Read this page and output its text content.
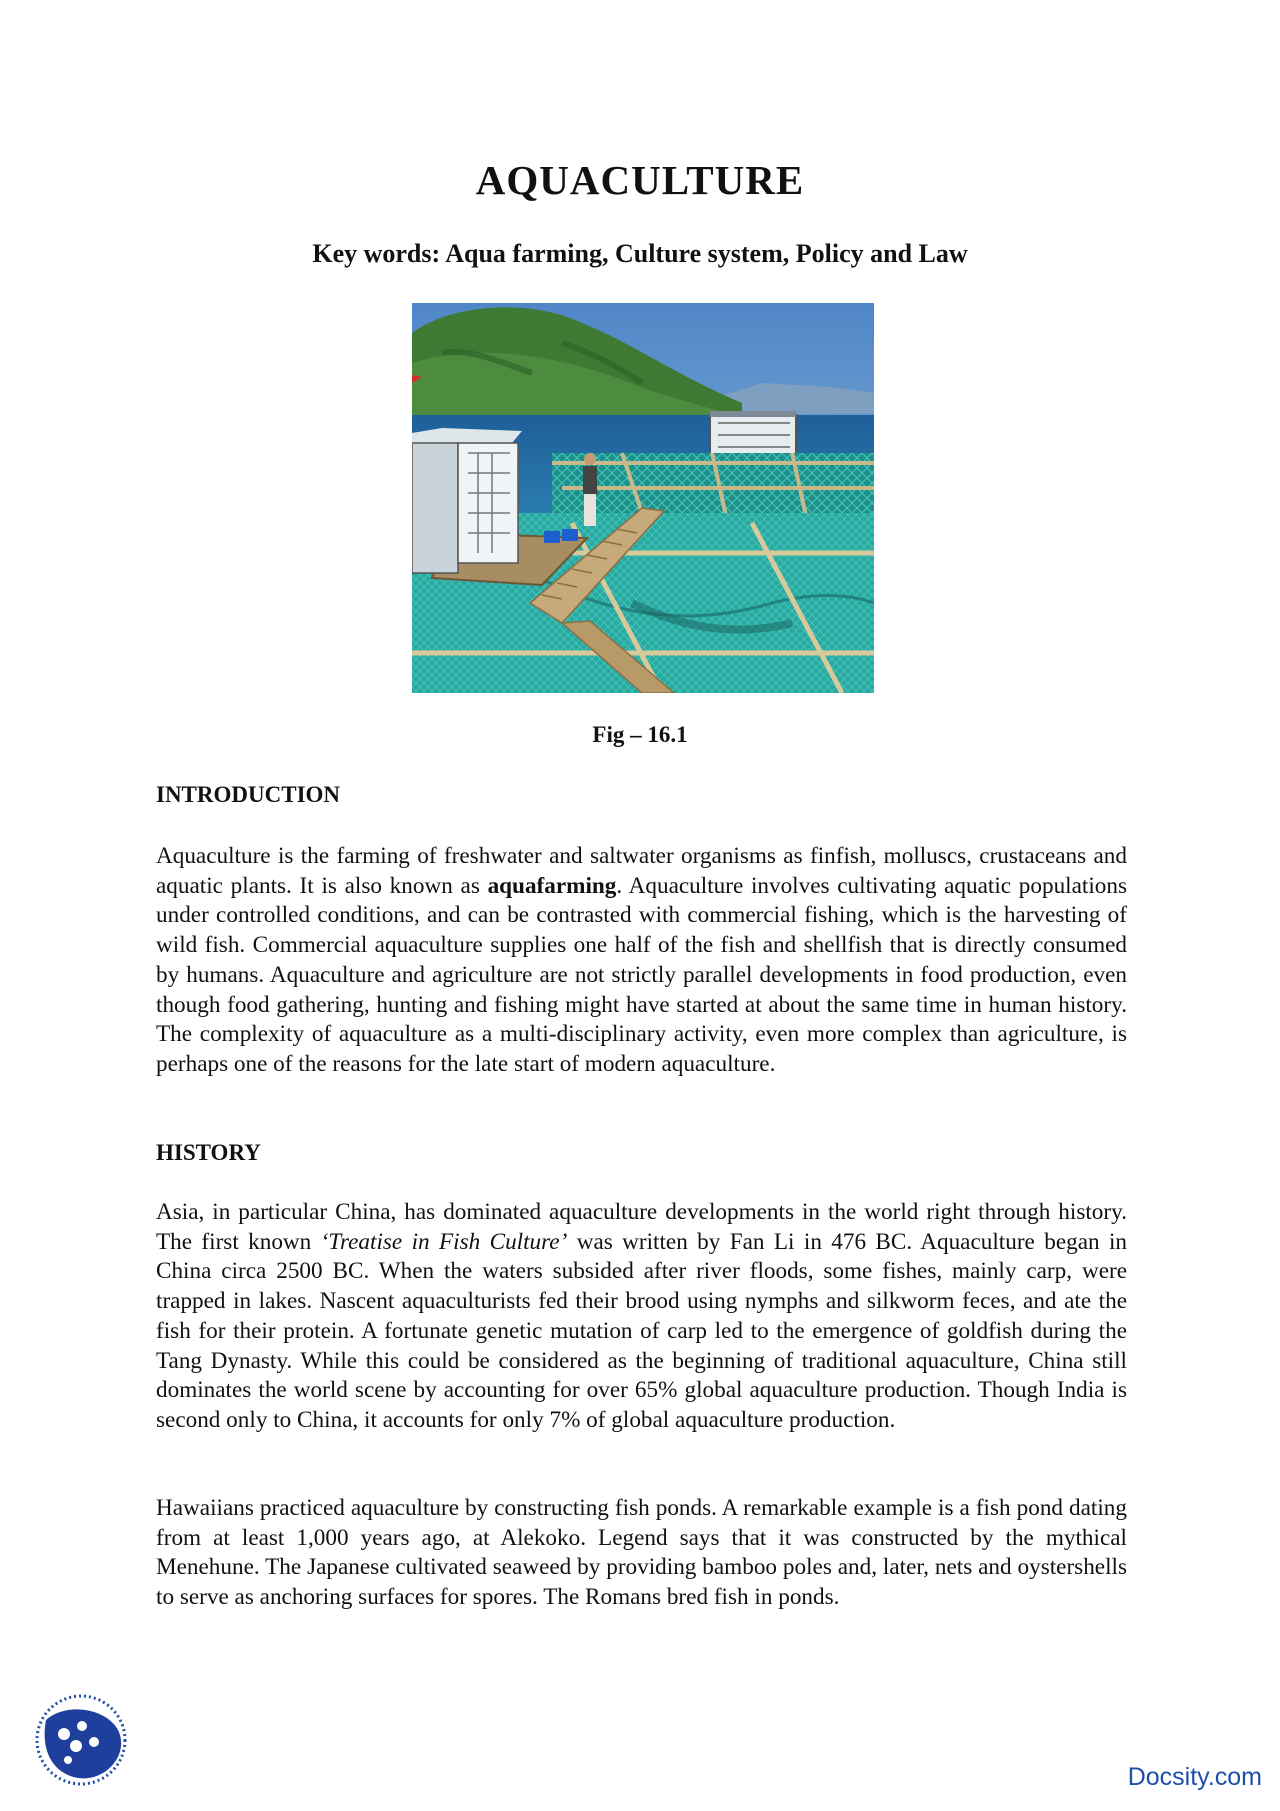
AQUACULTURE

Key words: Aqua farming, Culture system, Policy and Law

Fig – 16.1

INTRODUCTION

Aquaculture is the farming of freshwater and saltwater organisms as finfish, molluscs, crustaceans and aquatic plants. It is also known as aquafarming. Aquaculture involves cultivating aquatic populations under controlled conditions, and can be contrasted with commercial fishing, which is the harvesting of wild fish. Commercial aquaculture supplies one half of the fish and shellfish that is directly consumed by humans. Aquaculture and agriculture are not strictly parallel developments in food production, even though food gathering, hunting and fishing might have started at about the same time in human history. The complexity of aquaculture as a multi-disciplinary activity, even more complex than agriculture, is perhaps one of the reasons for the late start of modern aquaculture.

HISTORY

Asia, in particular China, has dominated aquaculture developments in the world right through history. The first known ‘Treatise in Fish Culture’ was written by Fan Li in 476 BC. Aquaculture began in China circa 2500 BC. When the waters subsided after river floods, some fishes, mainly carp, were trapped in lakes. Nascent aquaculturists fed their brood using nymphs and silkworm feces, and ate the fish for their protein. A fortunate genetic mutation of carp led to the emergence of goldfish during the Tang Dynasty. While this could be considered as the beginning of traditional aquaculture, China still dominates the world scene by accounting for over 65% global aquaculture production. Though India is second only to China, it accounts for only 7% of global aquaculture production.

Hawaiians practiced aquaculture by constructing fish ponds. A remarkable example is a fish pond dating from at least 1,000 years ago, at Alekoko. Legend says that it was constructed by the mythical Menehune. The Japanese cultivated seaweed by providing bamboo poles and, later, nets and oystershells to serve as anchoring surfaces for spores. The Romans bred fish in ponds.

Docsity.com
